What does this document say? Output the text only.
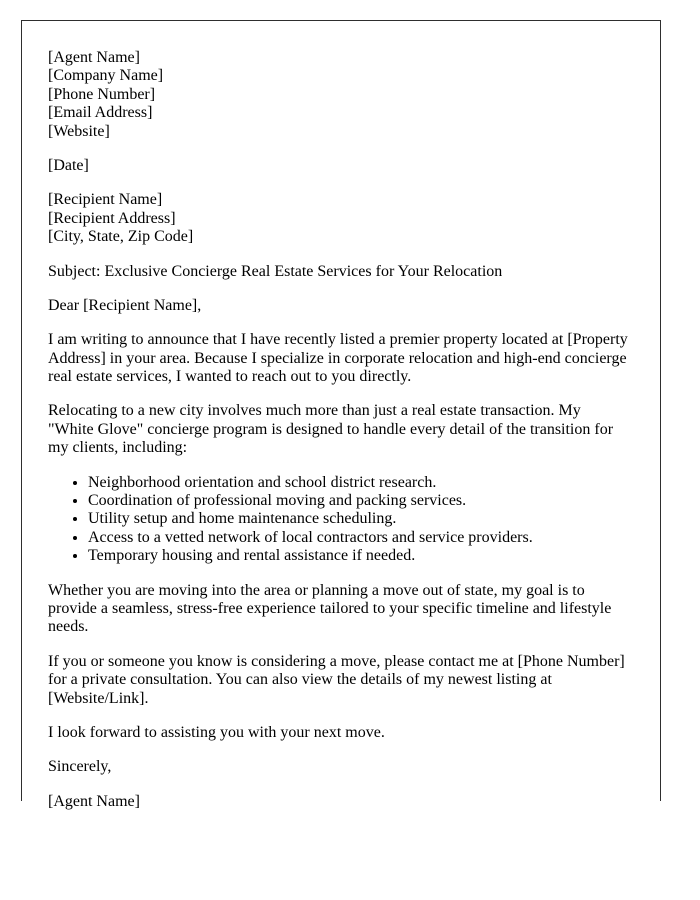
[Agent Name]
[Company Name]
[Phone Number]
[Email Address]
[Website]

[Date]

[Recipient Name]
[Recipient Address]
[City, State, Zip Code]

Subject: Exclusive Concierge Real Estate Services for Your Relocation

Dear [Recipient Name],

I am writing to announce that I have recently listed a premier property located at [Property Address] in your area. Because I specialize in corporate relocation and high-end concierge real estate services, I wanted to reach out to you directly.

Relocating to a new city involves much more than just a real estate transaction. My "White Glove" concierge program is designed to handle every detail of the transition for my clients, including:

• Neighborhood orientation and school district research.
• Coordination of professional moving and packing services.
• Utility setup and home maintenance scheduling.
• Access to a vetted network of local contractors and service providers.
• Temporary housing and rental assistance if needed.

Whether you are moving into the area or planning a move out of state, my goal is to provide a seamless, stress-free experience tailored to your specific timeline and lifestyle needs.

If you or someone you know is considering a move, please contact me at [Phone Number] for a private consultation. You can also view the details of my newest listing at [Website/Link].

I look forward to assisting you with your next move.

Sincerely,

[Agent Name]
